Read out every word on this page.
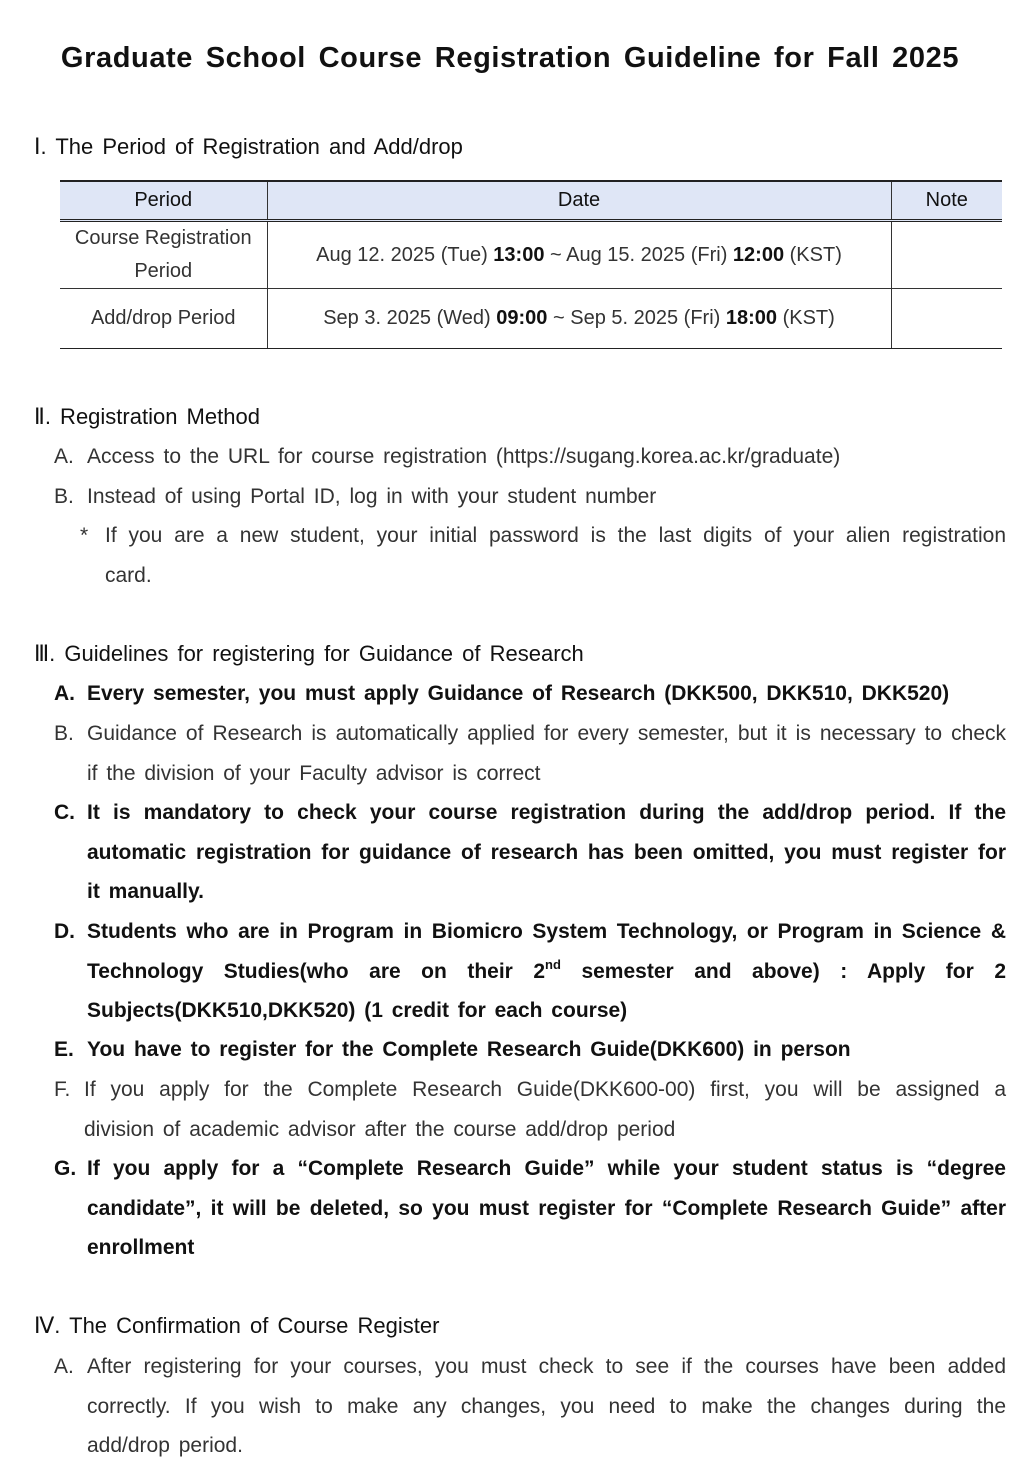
Graduate School Course Registration Guideline for Fall 2025
Ⅰ. The Period of Registration and Add/drop
Period	Date	Note
Course Registration Period	Aug 12. 2025 (Tue) 13:00 ~ Aug 15. 2025 (Fri) 12:00 (KST)	
Add/drop Period	Sep 3. 2025 (Wed) 09:00 ~ Sep 5. 2025 (Fri) 18:00 (KST)	
Ⅱ. Registration Method
A. Access to the URL for course registration (https://sugang.korea.ac.kr/graduate)
B. Instead of using Portal ID, log in with your student number
* If you are a new student, your initial password is the last digits of your alien registration card.
Ⅲ. Guidelines for registering for Guidance of Research
A. Every semester, you must apply Guidance of Research (DKK500, DKK510, DKK520)
B. Guidance of Research is automatically applied for every semester, but it is necessary to check if the division of your Faculty advisor is correct
C. It is mandatory to check your course registration during the add/drop period. If the automatic registration for guidance of research has been omitted, you must register for it manually.
D. Students who are in Program in Biomicro System Technology, or Program in Science & Technology Studies(who are on their 2nd semester and above) : Apply for 2 Subjects(DKK510,DKK520) (1 credit for each course)
E. You have to register for the Complete Research Guide(DKK600) in person
F. If you apply for the Complete Research Guide(DKK600-00) first, you will be assigned a division of academic advisor after the course add/drop period
G. If you apply for a “Complete Research Guide” while your student status is “degree candidate”, it will be deleted, so you must register for “Complete Research Guide” after enrollment
Ⅳ. The Confirmation of Course Register
A. After registering for your courses, you must check to see if the courses have been added correctly. If you wish to make any changes, you need to make the changes during the add/drop period.
